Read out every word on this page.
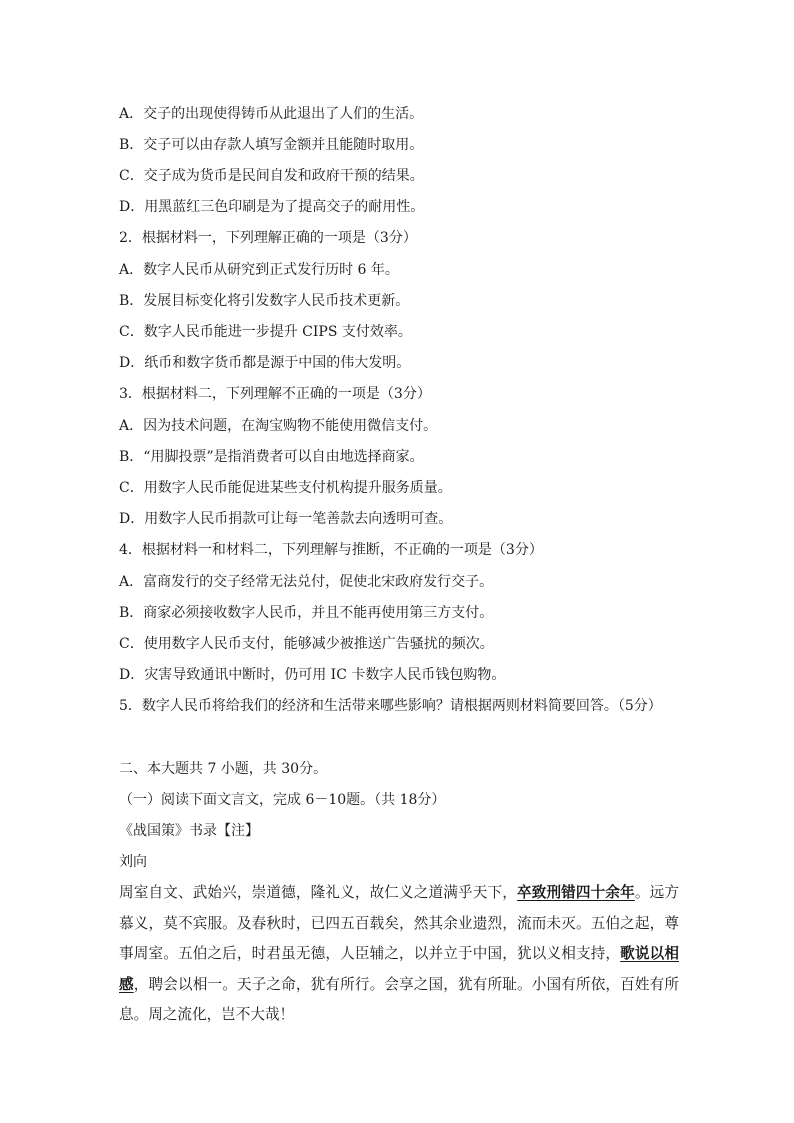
A．交子的出现使得铸币从此退出了人们的生活。
B．交子可以由存款人填写金额并且能随时取用。
C．交子成为货币是民间自发和政府干预的结果。
D．用黑蓝红三色印刷是为了提高交子的耐用性。
2．根据材料一，下列理解正确的一项是（3分）
A．数字人民币从研究到正式发行历时 6 年。
B．发展目标变化将引发数字人民币技术更新。
C．数字人民币能进一步提升 CIPS 支付效率。
D．纸币和数字货币都是源于中国的伟大发明。
3．根据材料二，下列理解不正确的一项是（3分）
A．因为技术问题，在淘宝购物不能使用微信支付。
B．“用脚投票”是指消费者可以自由地选择商家。
C．用数字人民币能促进某些支付机构提升服务质量。
D．用数字人民币捐款可让每一笔善款去向透明可查。
4．根据材料一和材料二，下列理解与推断，不正确的一项是（3分）
A．富商发行的交子经常无法兑付，促使北宋政府发行交子。
B．商家必须接收数字人民币，并且不能再使用第三方支付。
C．使用数字人民币支付，能够减少被推送广告骚扰的频次。
D．灾害导致通讯中断时，仍可用 IC 卡数字人民币钱包购物。
5．数字人民币将给我们的经济和生活带来哪些影响？请根据两则材料简要回答。（5分）
二、本大题共 7 小题，共 30分。
（一）阅读下面文言文，完成 6－10题。（共 18分）
《战国策》书录【注】
刘向
周室自文、武始兴，崇道德，隆礼义，故仁义之道满乎天下，卒致刑错四十余年。远方慕义，莫不宾服。及春秋时，已四五百载矣，然其余业遗烈，流而未灭。五伯之起，尊事周室。五伯之后，时君虽无德，人臣辅之，以并立于中国，犹以义相支持，歌说以相感，聘会以相一。天子之命，犹有所行。会享之国，犹有所耻。小国有所依，百姓有所息。周之流化，岂不大哉！
